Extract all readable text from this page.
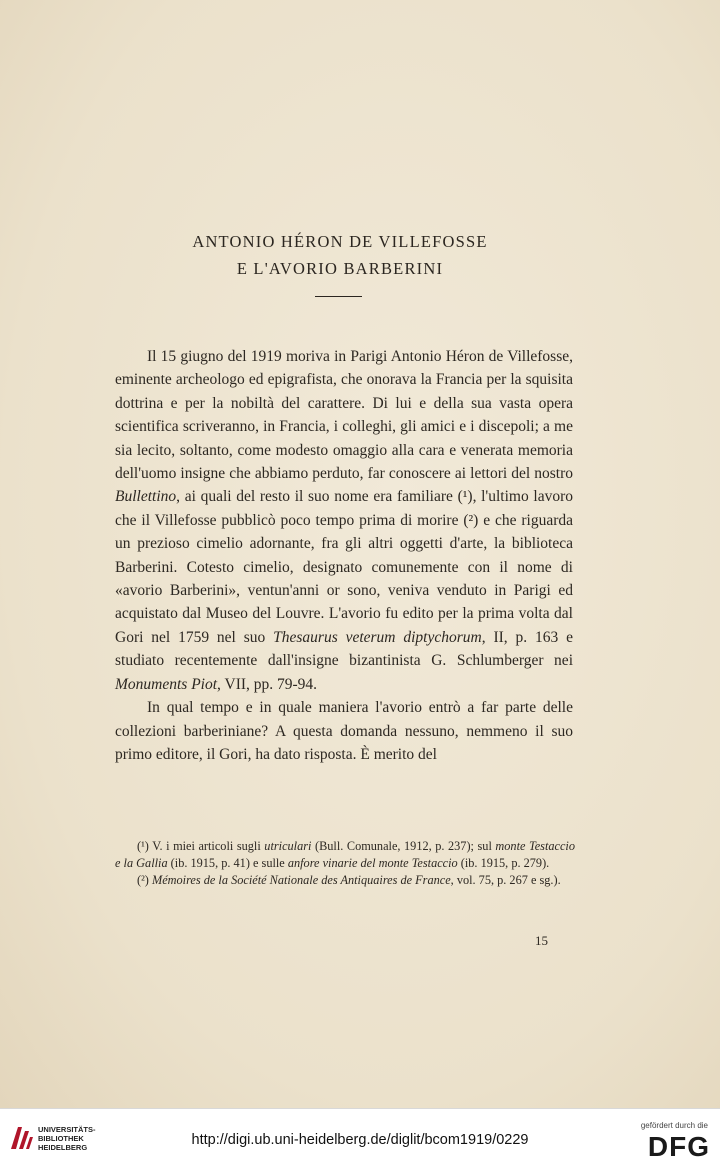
ANTONIO HÉRON DE VILLEFOSSE
E L'AVORIO BARBERINI

Il 15 giugno del 1919 moriva in Parigi Antonio Héron de Villefosse, eminente archeologo ed epigrafista, che onorava la Francia per la squisita dottrina e per la nobiltà del carattere. Di lui e della sua vasta opera scientifica scriveranno, in Francia, i colleghi, gli amici e i discepoli; a me sia lecito, soltanto, come modesto omaggio alla cara e venerata memoria dell'uomo insigne che abbiamo perduto, far conoscere ai lettori del nostro Bullettino, ai quali del resto il suo nome era familiare (¹), l'ultimo lavoro che il Villefosse pubblicò poco tempo prima di morire (²) e che riguarda un prezioso cimelio adornante, fra gli altri oggetti d'arte, la biblioteca Barberini. Cotesto cimelio, designato comunemente con il nome di «avorio Barberini», ventun'anni or sono, veniva venduto in Parigi ed acquistato dal Museo del Louvre. L'avorio fu edito per la prima volta dal Gori nel 1759 nel suo Thesaurus veterum diptychorum, II, p. 163 e studiato recentemente dall'insigne bizantinista G. Schlumberger nei Monuments Piot, VII, pp. 79-94.

In qual tempo e in quale maniera l'avorio entrò a far parte delle collezioni barberiniane? A questa domanda nessuno, nemmeno il suo primo editore, il Gori, ha dato risposta. È merito del

(¹) V. i miei articoli sugli utriculari (Bull. Comunale, 1912, p. 237); sul monte Testaccio e la Gallia (ib. 1915, p. 41) e sulle anfore vinarie del monte Testaccio (ib. 1915, p. 279).

(²) Mémoires de la Société Nationale des Antiquaires de France, vol. 75, p. 267 e sg.).

15
UNIVERSITÄTS-
BIBLIOTHEK
HEIDELBERG	http://digi.ub.uni-heidelberg.de/diglit/bcom1919/0229
gefördert durch die
DFG
